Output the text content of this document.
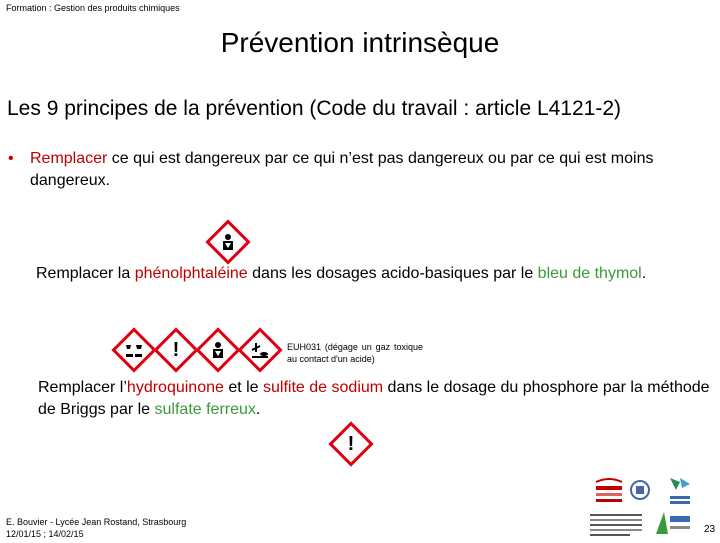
Formation : Gestion des produits chimiques
Prévention intrinsèque
Les 9 principes de la prévention (Code du travail : article L4121-2)
• Remplacer ce qui est dangereux par ce qui n’est pas dangereux ou par ce qui est moins dangereux.
Remplacer la phénolphtaléine dans les dosages acido-basiques par le bleu de thymol.
!	EUH031 (dégage un gaz toxique au contact d'un acide)
Remplacer l’hydroquinone et le sulfite de sodium dans le dosage du phosphore par la méthode de Briggs par le sulfate ferreux.
!
E. Bouvier - Lycée Jean Rostand, Strasbourg
12/01/15 ; 14/02/15	23
